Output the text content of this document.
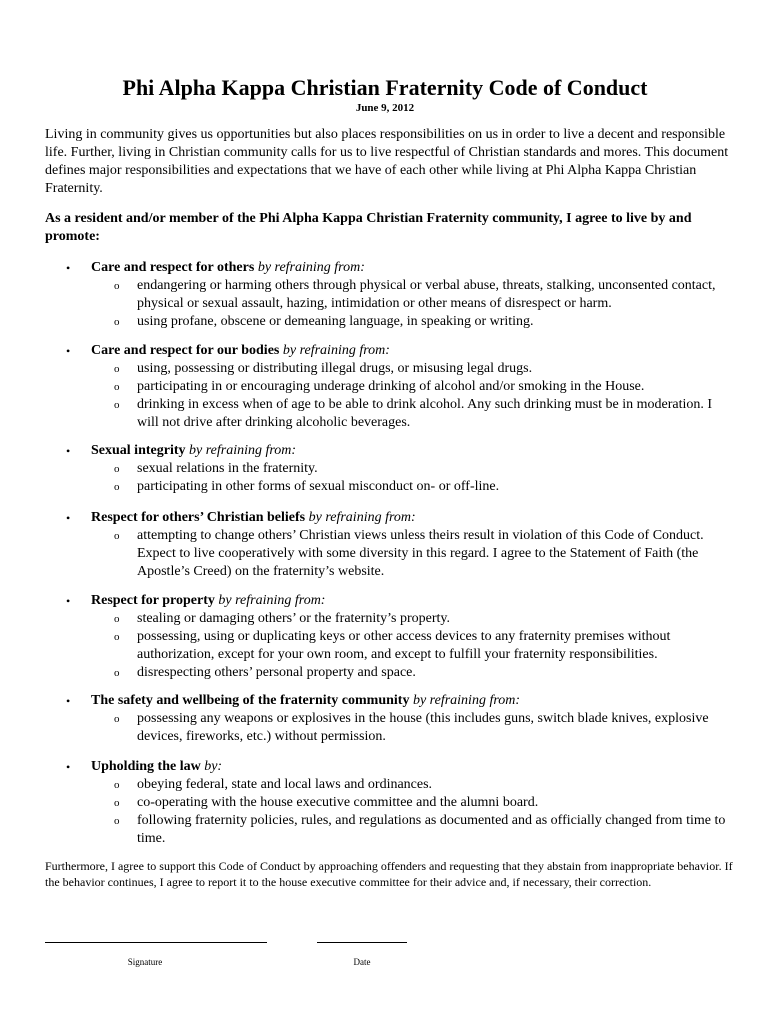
Phi Alpha Kappa Christian Fraternity Code of Conduct
June 9, 2012

Living in community gives us opportunities but also places responsibilities on us in order to live a decent and responsible life. Further, living in Christian community calls for us to live respectful of Christian standards and mores. This document defines major responsibilities and expectations that we have of each other while living at Phi Alpha Kappa Christian Fraternity.

As a resident and/or member of the Phi Alpha Kappa Christian Fraternity community, I agree to live by and promote:

• Care and respect for others by refraining from:
o endangering or harming others through physical or verbal abuse, threats, stalking, unconsented contact, physical or sexual assault, hazing, intimidation or other means of disrespect or harm.
o using profane, obscene or demeaning language, in speaking or writing.
• Care and respect for our bodies by refraining from:
o using, possessing or distributing illegal drugs, or misusing legal drugs.
o participating in or encouraging underage drinking of alcohol and/or smoking in the House.
o drinking in excess when of age to be able to drink alcohol. Any such drinking must be in moderation. I will not drive after drinking alcoholic beverages.
• Sexual integrity by refraining from:
o sexual relations in the fraternity.
o participating in other forms of sexual misconduct on- or off-line.
• Respect for others’ Christian beliefs by refraining from:
o attempting to change others’ Christian views unless theirs result in violation of this Code of Conduct. Expect to live cooperatively with some diversity in this regard. I agree to the Statement of Faith (the Apostle’s Creed) on the fraternity’s website.
• Respect for property by refraining from:
o stealing or damaging others’ or the fraternity’s property.
o possessing, using or duplicating keys or other access devices to any fraternity premises without authorization, except for your own room, and except to fulfill your fraternity responsibilities.
o disrespecting others’ personal property and space.
• The safety and wellbeing of the fraternity community by refraining from:
o possessing any weapons or explosives in the house (this includes guns, switch blade knives, explosive devices, fireworks, etc.) without permission.
• Upholding the law by:
o obeying federal, state and local laws and ordinances.
o co-operating with the house executive committee and the alumni board.
o following fraternity policies, rules, and regulations as documented and as officially changed from time to time.

Furthermore, I agree to support this Code of Conduct by approaching offenders and requesting that they abstain from inappropriate behavior. If the behavior continues, I agree to report it to the house executive committee for their advice and, if necessary, their correction.

Signature	Date
